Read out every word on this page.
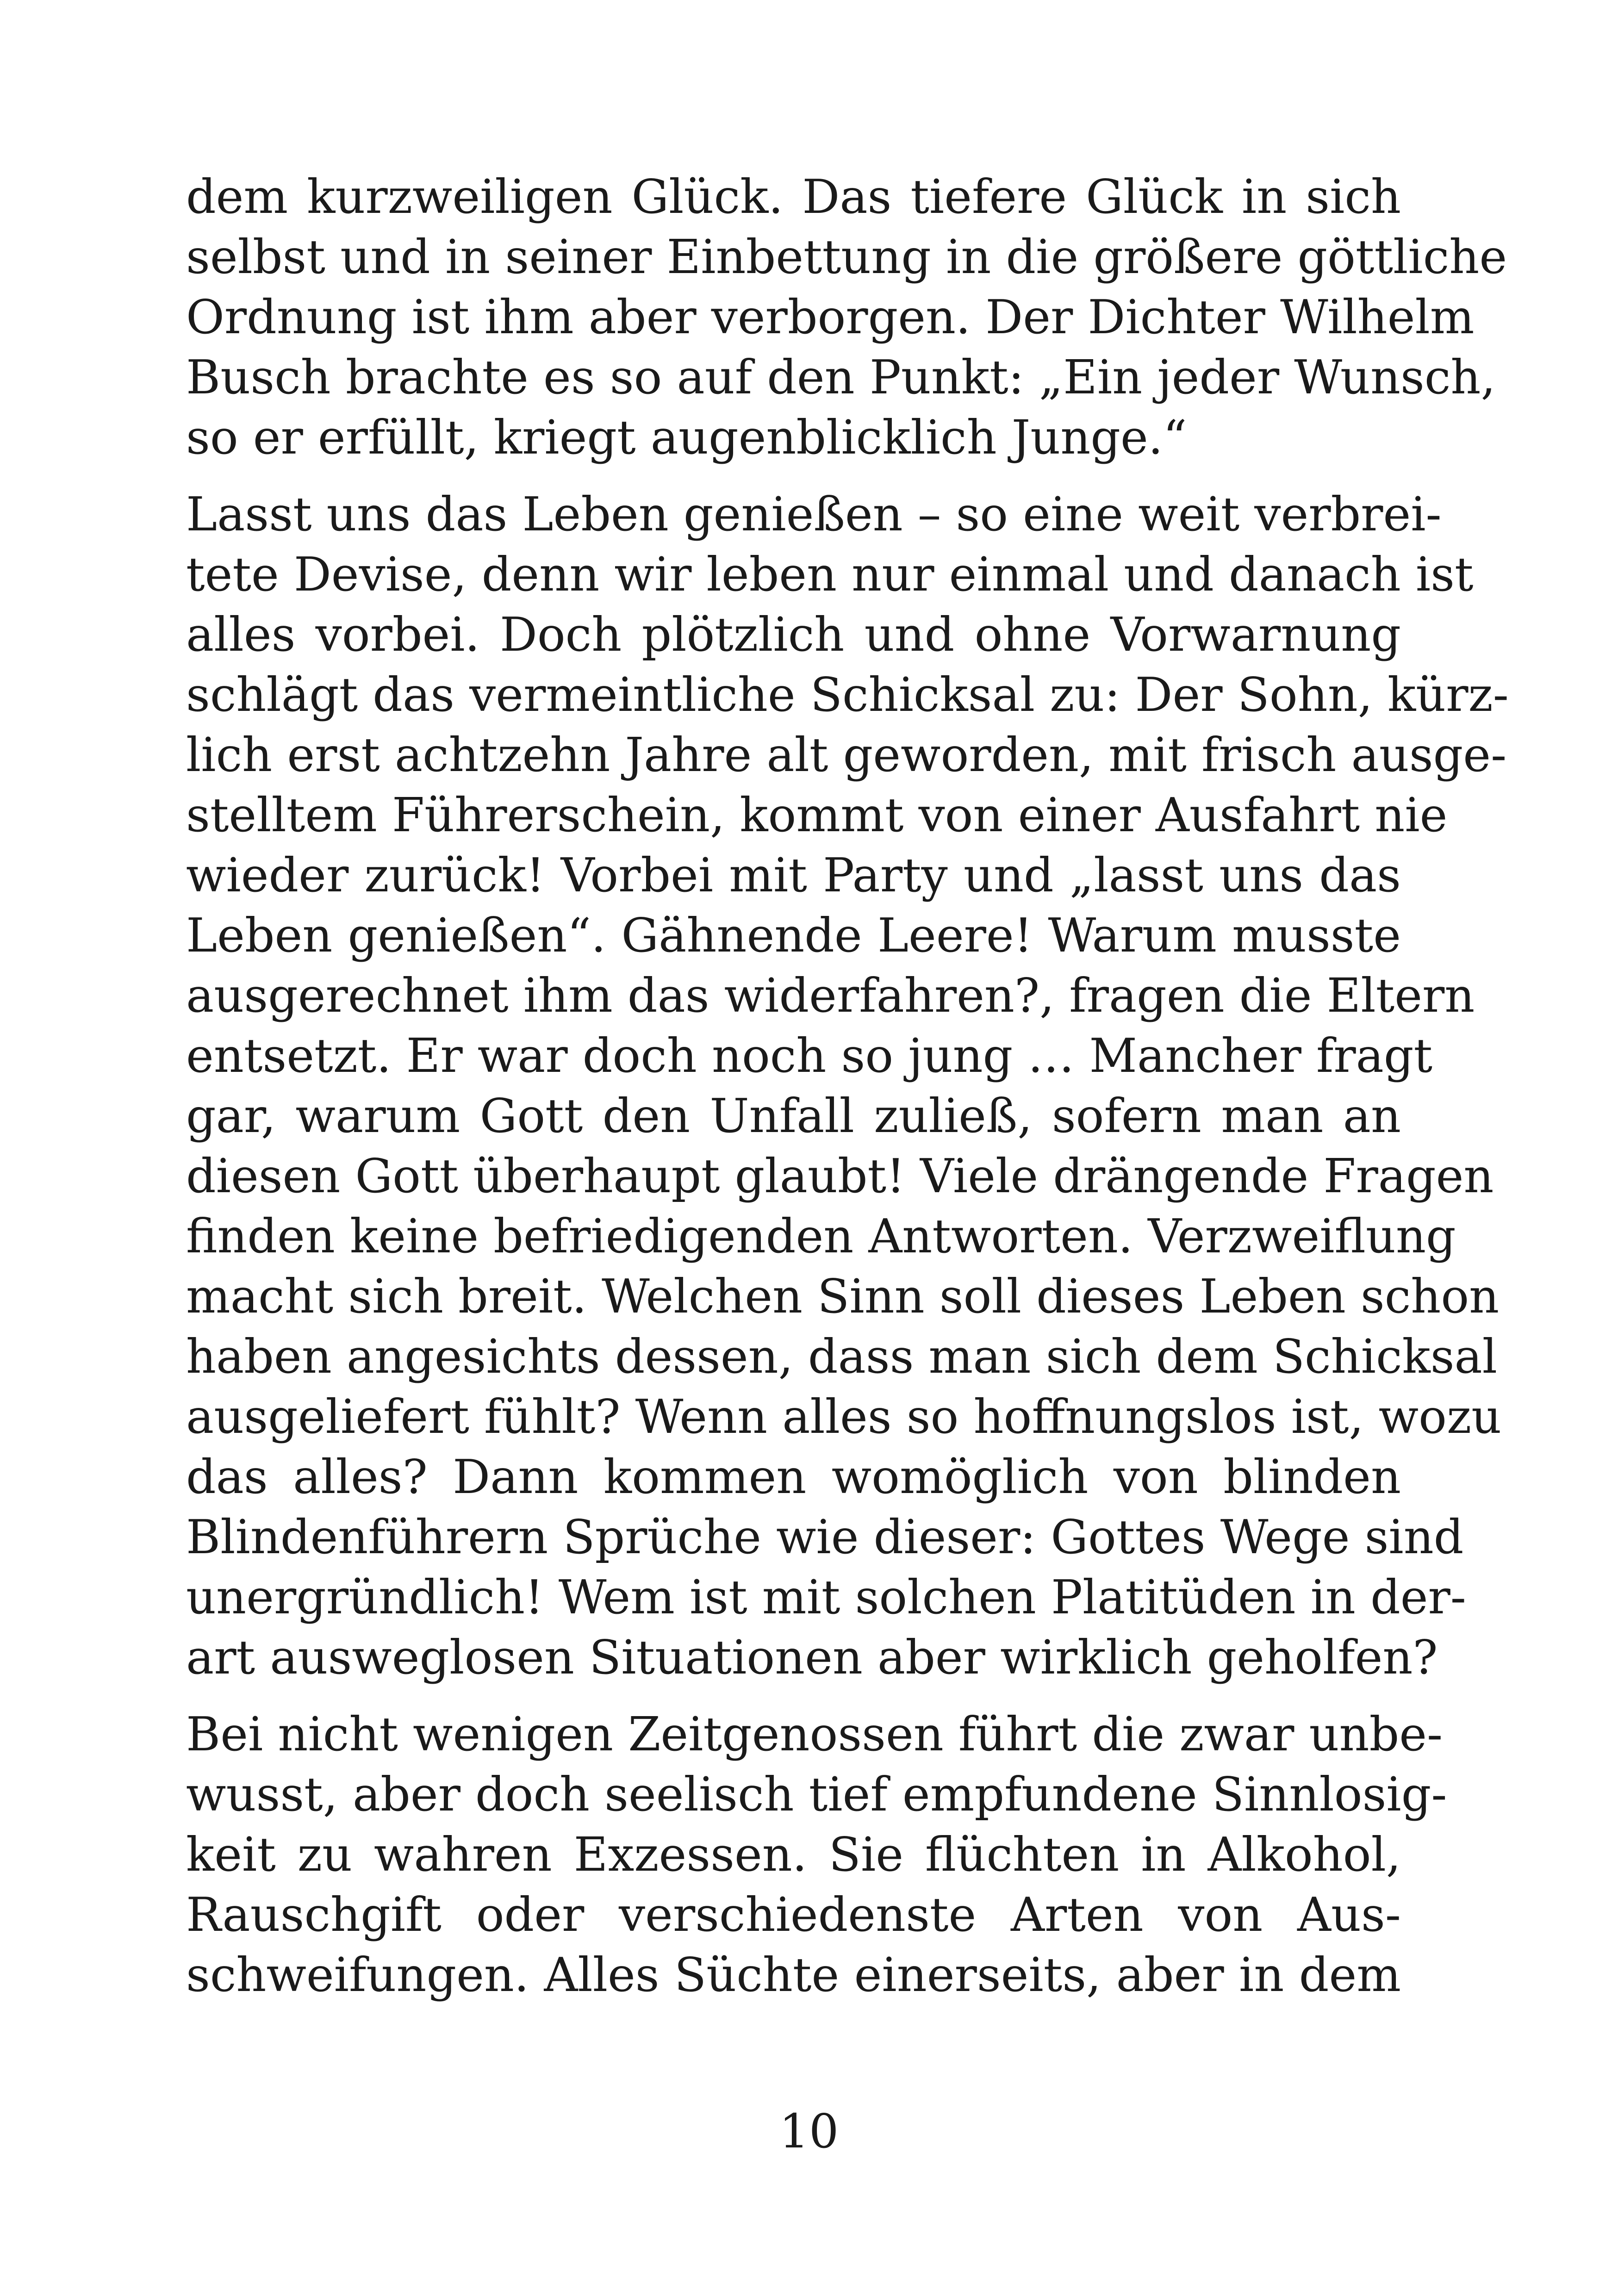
dem kurzweiligen Glück. Das tiefere Glück in sich
selbst und in seiner Einbettung in die größere göttliche
Ordnung ist ihm aber verborgen. Der Dichter Wilhelm
Busch brachte es so auf den Punkt: „Ein jeder Wunsch,
so er erfüllt, kriegt augenblicklich Junge.“
Lasst uns das Leben genießen – so eine weit verbrei-
tete Devise, denn wir leben nur einmal und danach ist
alles vorbei. Doch plötzlich und ohne Vorwarnung
schlägt das vermeintliche Schicksal zu: Der Sohn, kürz-
lich erst achtzehn Jahre alt geworden, mit frisch ausge-
stelltem Führerschein, kommt von einer Ausfahrt nie
wieder zurück! Vorbei mit Party und „lasst uns das
Leben genießen“. Gähnende Leere! Warum musste
ausgerechnet ihm das widerfahren?, fragen die Eltern
entsetzt. Er war doch noch so jung … Mancher fragt
gar, warum Gott den Unfall zuließ, sofern man an
diesen Gott überhaupt glaubt! Viele drängende Fragen
finden keine befriedigenden Antworten. Verzweiflung
macht sich breit. Welchen Sinn soll dieses Leben schon
haben angesichts dessen, dass man sich dem Schicksal
ausgeliefert fühlt? Wenn alles so hoffnungslos ist, wozu
das alles? Dann kommen womöglich von blinden
Blindenführern Sprüche wie dieser: Gottes Wege sind
unergründlich! Wem ist mit solchen Platitüden in der-
art ausweglosen Situationen aber wirklich geholfen?
Bei nicht wenigen Zeitgenossen führt die zwar unbe-
wusst, aber doch seelisch tief empfundene Sinnlosig-
keit zu wahren Exzessen. Sie flüchten in Alkohol,
Rauschgift oder verschiedenste Arten von Aus-
schweifungen. Alles Süchte einerseits, aber in dem
10
